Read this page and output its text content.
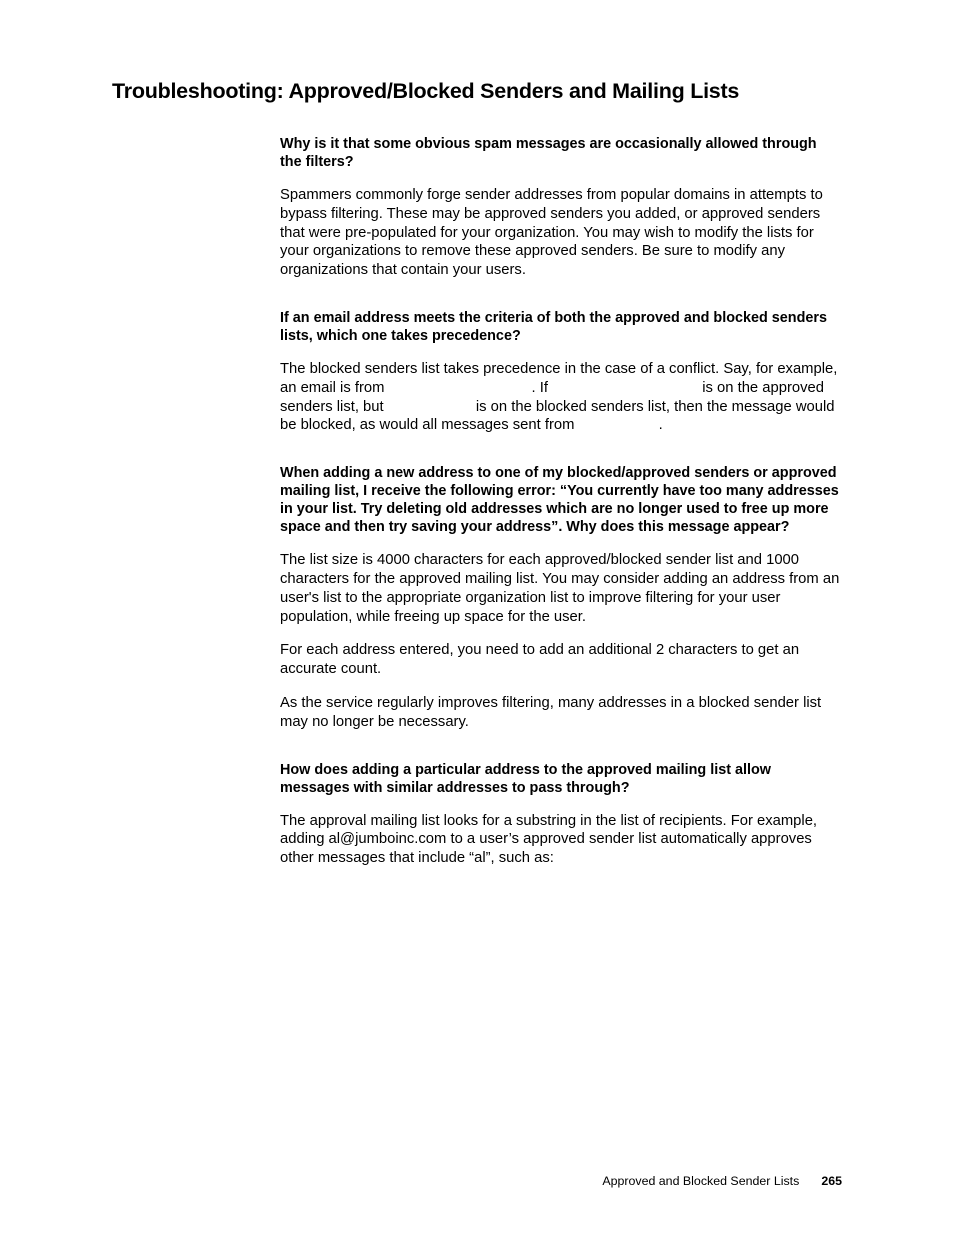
Troubleshooting: Approved/Blocked Senders and Mailing Lists

Why is it that some obvious spam messages are occasionally allowed through the filters?

Spammers commonly forge sender addresses from popular domains in attempts to bypass filtering. These may be approved senders you added, or approved senders that were pre-populated for your organization. You may wish to modify the lists for your organizations to remove these approved senders. Be sure to modify any organizations that contain your users.

If an email address meets the criteria of both the approved and blocked senders lists, which one takes precedence?

The blocked senders list takes precedence in the case of a conflict. Say, for example, an email is from	. If	is on the approved senders list, but	is on the blocked senders list, then the message would be blocked, as would all messages sent from	.

When adding a new address to one of my blocked/approved senders or approved mailing list, I receive the following error: “You currently have too many addresses in your list. Try deleting old addresses which are no longer used to free up more space and then try saving your address”. Why does this message appear?

The list size is 4000 characters for each approved/blocked sender list and 1000 characters for the approved mailing list. You may consider adding an address from an user's list to the appropriate organization list to improve filtering for your user population, while freeing up space for the user.

For each address entered, you need to add an additional 2 characters to get an accurate count.

As the service regularly improves filtering, many addresses in a blocked sender list may no longer be necessary.

How does adding a particular address to the approved mailing list allow messages with similar addresses to pass through?

The approval mailing list looks for a substring in the list of recipients. For example, adding al@jumboinc.com to a user’s approved sender list automatically approves other messages that include “al”, such as:

Approved and Blocked Sender Lists 265
